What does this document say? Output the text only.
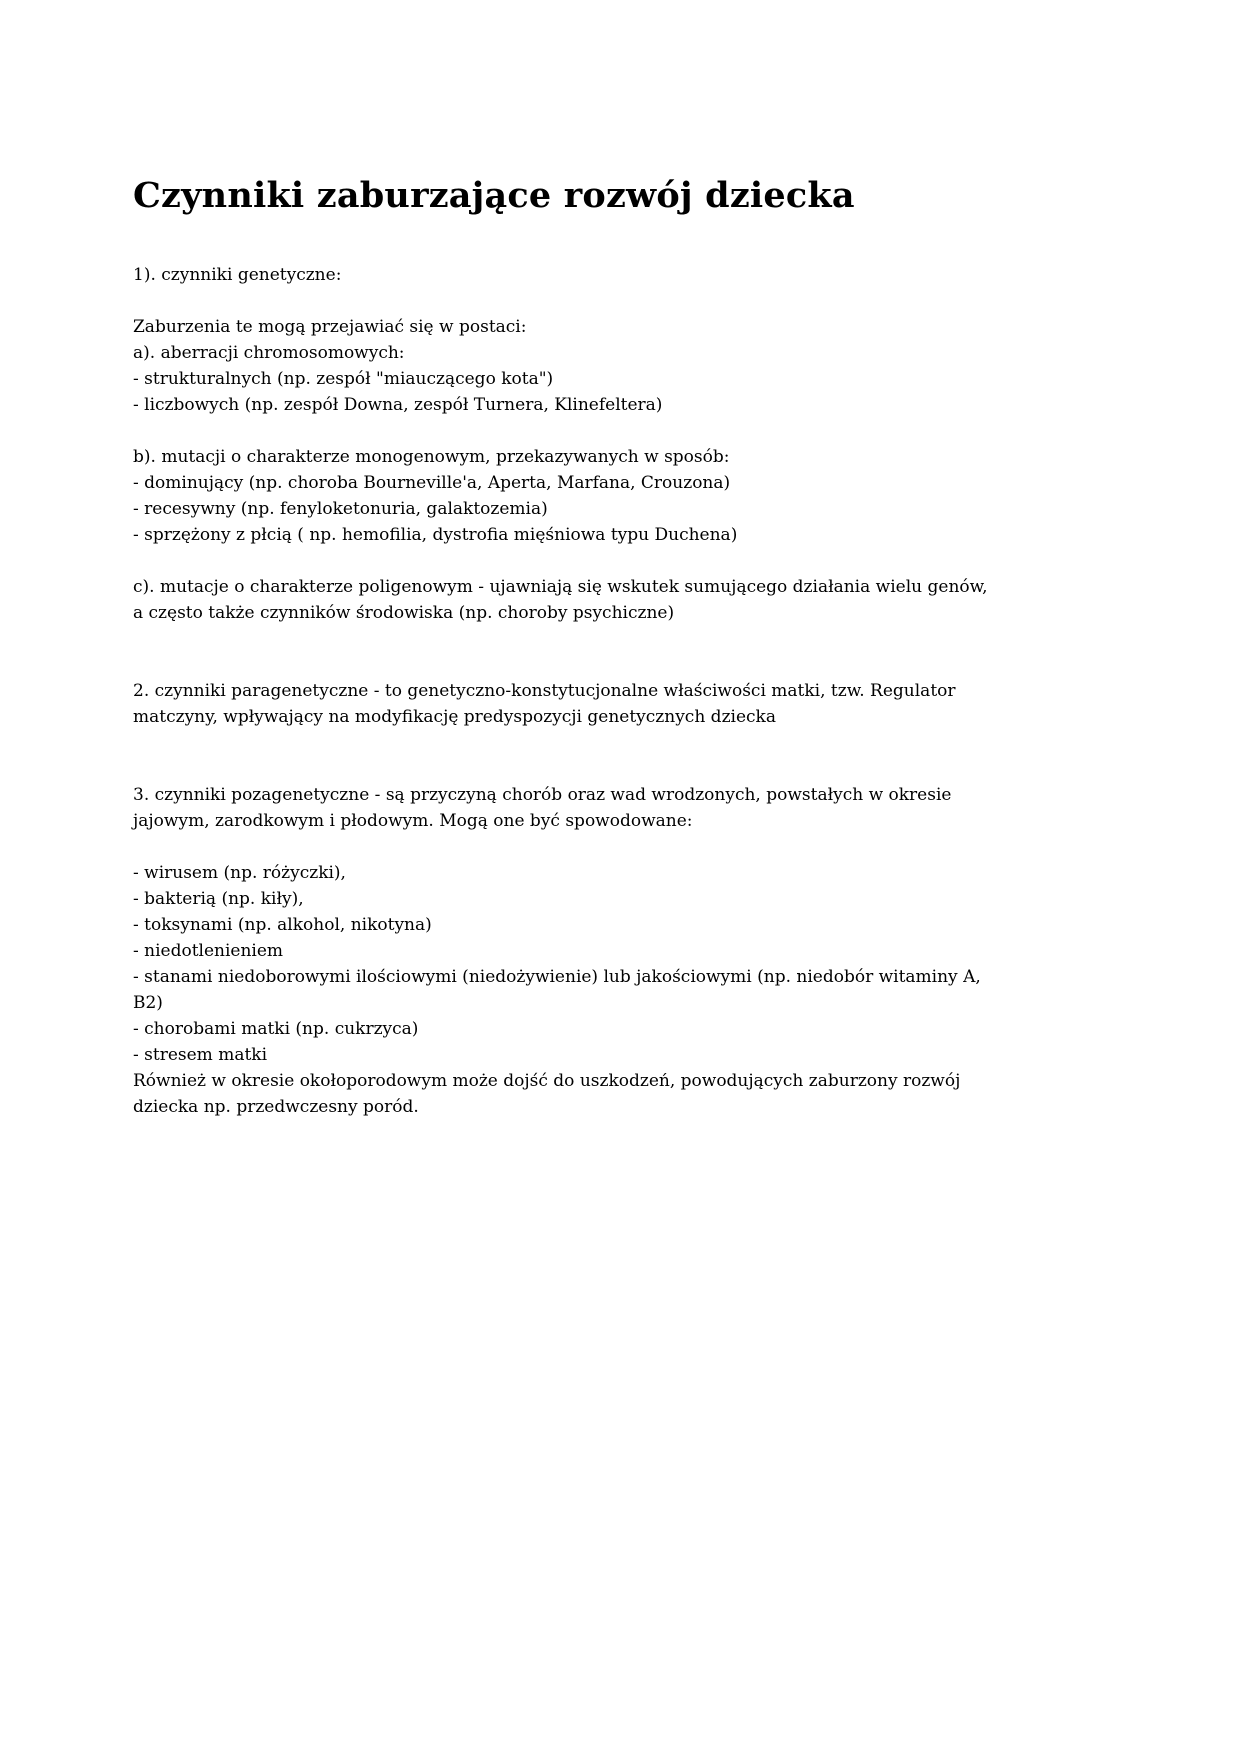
Czynniki zaburzające rozwój dziecka
1). czynniki genetyczne:
Zaburzenia te mogą przejawiać się w postaci:
a). aberracji chromosomowych:
- strukturalnych (np. zespół "miauczącego kota")
- liczbowych (np. zespół Downa, zespół Turnera, Klinefeltera)
b). mutacji o charakterze monogenowym, przekazywanych w sposób:
- dominujący (np. choroba Bourneville'a, Aperta, Marfana, Crouzona)
- recesywny (np. fenyloketonuria, galaktozemia)
- sprzężony z płcią ( np. hemofilia, dystrofia mięśniowa typu Duchena)
c). mutacje o charakterze poligenowym - ujawniają się wskutek sumującego działania wielu genów, a często także czynników środowiska (np. choroby psychiczne)
2. czynniki paragenetyczne - to genetyczno-konstytucjonalne właściwości matki, tzw. Regulator matczyny, wpływający na modyfikację predyspozycji genetycznych dziecka
3. czynniki pozagenetyczne - są przyczyną chorób oraz wad wrodzonych, powstałych w okresie jajowym, zarodkowym i płodowym. Mogą one być spowodowane:
- wirusem (np. różyczki),
- bakterią (np. kiły),
- toksynami (np. alkohol, nikotyna)
- niedotlenieniem
- stanami niedoborowymi ilościowymi (niedożywienie) lub jakościowymi (np. niedobór witaminy A, B2)
- chorobami matki (np. cukrzyca)
- stresem matki
Również w okresie okołoporodowym może dojść do uszkodzeń, powodujących zaburzony rozwój dziecka np. przedwczesny poród.
